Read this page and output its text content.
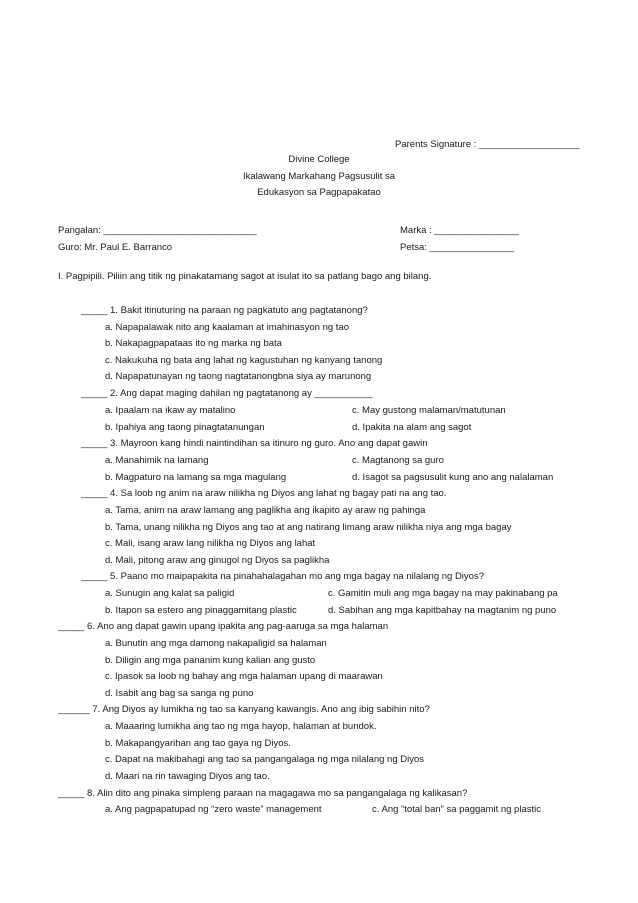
Parents Signature : ___________________
Divine College
Ikalawang Markahang Pagsusulit sa
Edukasyon sa Pagpapakatao
Pangalan: _____________________________	Marka : ________________
Guro: Mr. Paul E. Barranco	Petsa: ________________
I. Pagpipili. Piliin ang titik ng pinakatamang sagot at isulat ito sa patlang bago ang bilang.
_____ 1. Bakit itinuturing na paraan ng pagkatuto ang pagtatanong?
a. Napapalawak nito ang kaalaman at imahinasyon ng tao
b. Nakapagpapataas ito ng marka ng bata
c. Nakukuha ng bata ang lahat ng kagustuhan ng kanyang tanong
d. Napapatunayan ng taong nagtatanongbna siya ay marunong
_____ 2. Ang dapat maging dahilan ng pagtatanong ay ___________
a. Ipaalam na ikaw ay matalino	c. May gustong malaman/matutunan
b. Ipahiya ang taong pinagtatanungan	d. Ipakita na alam ang sagot
_____ 3. Mayroon kang hindi naintindihan sa itinuro ng guro. Ano ang dapat gawin
a. Manahimik na lamang	c. Magtanong sa guro
b. Magpaturo na lamang sa mga magulang	d. Isagot sa pagsusulit kung ano ang nalalaman
_____ 4. Sa loob ng anim na araw nilikha ng Diyos ang lahat ng bagay pati na ang tao.
a. Tama, anim na araw lamang ang paglikha ang ikapito ay araw ng pahinga
b. Tama, unang nilikha ng Diyos ang tao at ang natirang limang araw nilikha niya ang mga bagay
c. Mali, isang araw lang nilikha ng Diyos ang lahat
d. Mali, pitong araw ang ginugol ng Diyos sa paglikha
_____ 5. Paano mo maipapakita na pinahahalagahan mo ang mga bagay na nilalang ng Diyos?
a. Sunugin ang kalat sa paligid	c. Gamitin muli ang mga bagay na may pakinabang pa
b. Itapon sa estero ang pinaggamitang plastic	d. Sabihan ang mga kapitbahay na magtanim ng puno
_____ 6. Ano ang dapat gawin upang ipakita ang pag-aaruga sa mga halaman
a. Bunutin ang mga damong nakapaligid sa halaman
b. Diligin ang mga pananim kung kalian ang gusto
c. Ipasok sa loob ng bahay ang mga halaman upang di maarawan
d. Isabit ang bag sa sanga ng puno
______ 7. Ang Diyos ay lumikha ng tao sa kanyang kawangis. Ano ang ibig sabihin nito?
a. Maaaring lumikha ang tao ng mga hayop, halaman at bundok.
b. Makapangyarihan ang tao gaya ng Diyos.
c. Dapat na makibahagi ang tao sa pangangalaga ng mga nilalang ng Diyos
d. Maari na rin tawaging Diyos ang tao.
_____ 8. Alin dito ang pinaka simpleng paraan na magagawa mo sa pangangalaga ng kalikasan?
a. Ang pagpapatupad ng “zero waste” management	c. Ang “total ban” sa paggamit ng plastic
